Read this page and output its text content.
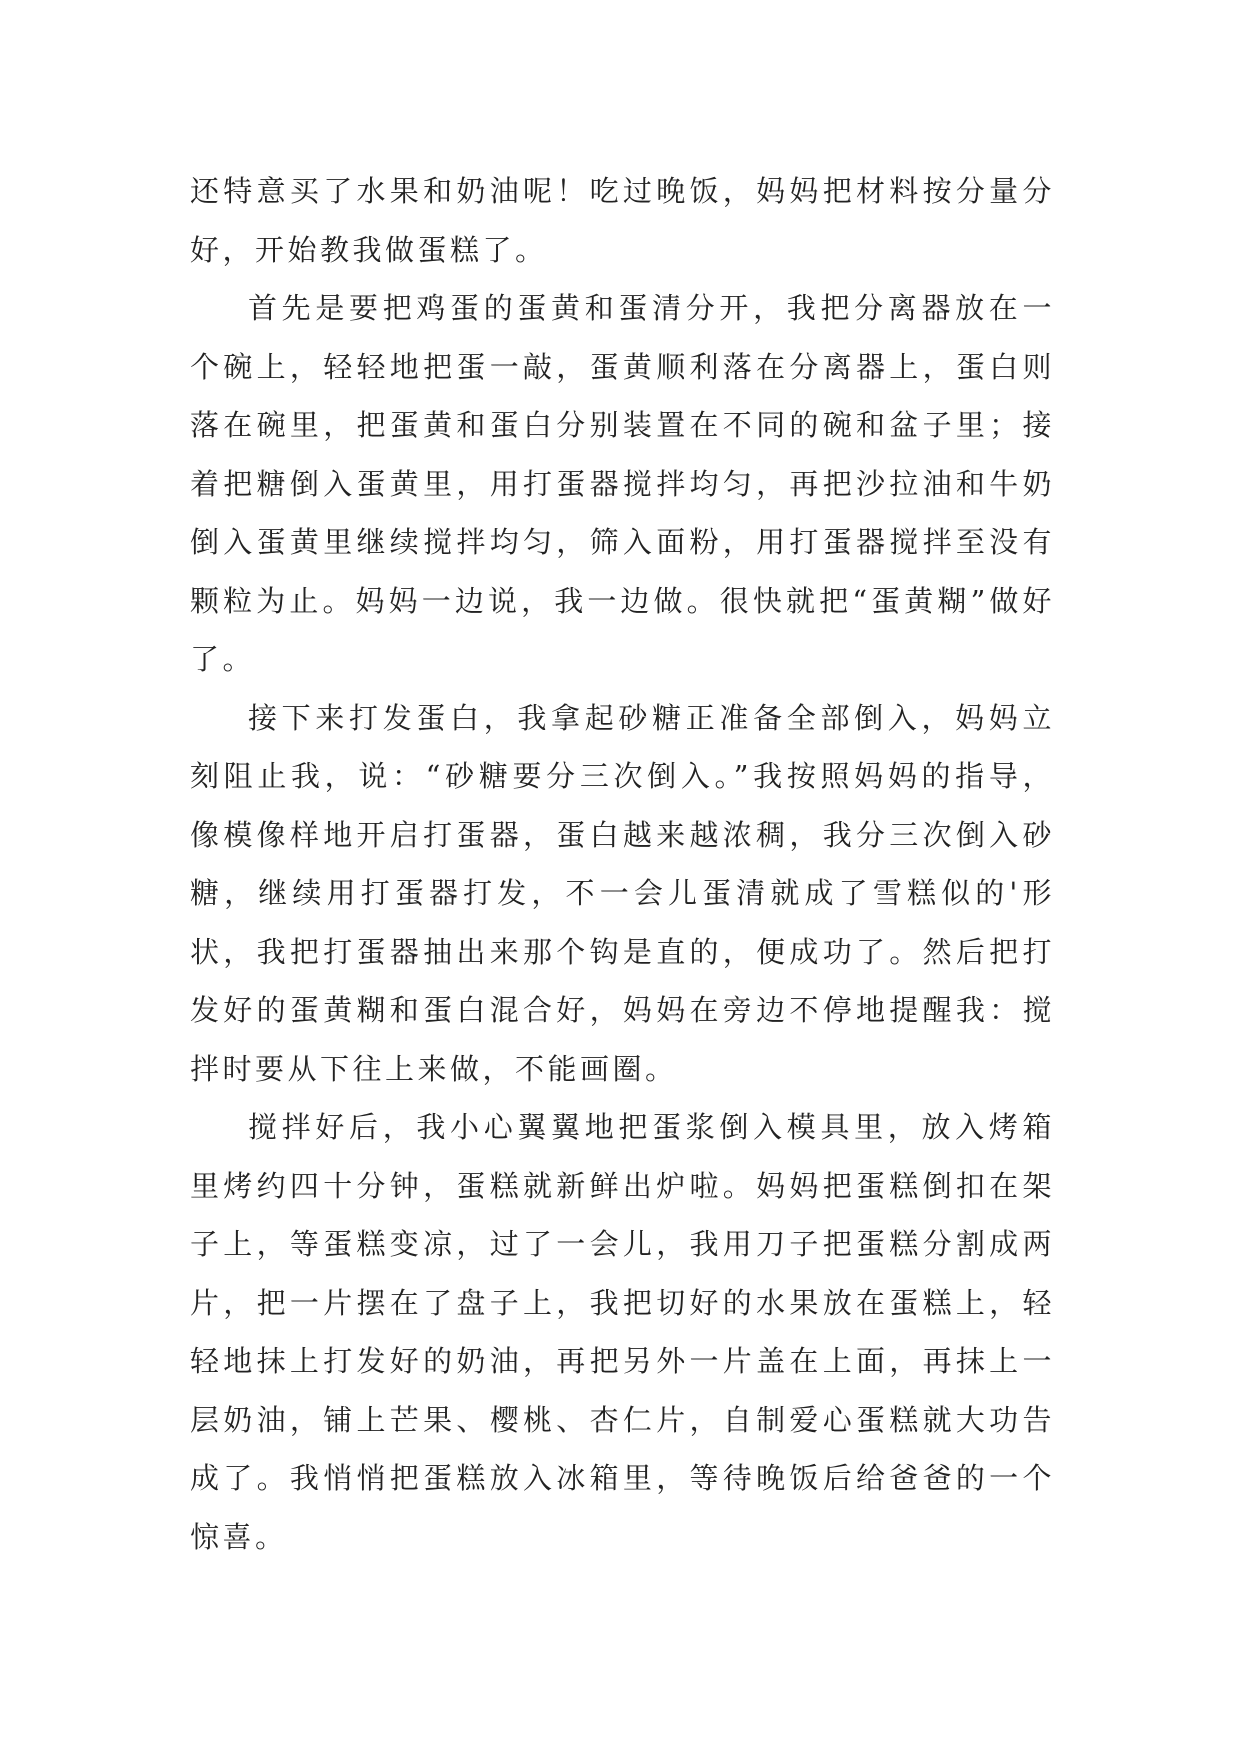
还特意买了水果和奶油呢！吃过晚饭，妈妈把材料按分量分好，开始教我做蛋糕了。

首先是要把鸡蛋的蛋黄和蛋清分开，我把分离器放在一个碗上，轻轻地把蛋一敲，蛋黄顺利落在分离器上，蛋白则落在碗里，把蛋黄和蛋白分别装置在不同的碗和盆子里；接着把糖倒入蛋黄里，用打蛋器搅拌均匀，再把沙拉油和牛奶倒入蛋黄里继续搅拌均匀，筛入面粉，用打蛋器搅拌至没有颗粒为止。妈妈一边说，我一边做。很快就把“蛋黄糊”做好了。

接下来打发蛋白，我拿起砂糖正准备全部倒入，妈妈立刻阻止我，说：“砂糖要分三次倒入。”我按照妈妈的指导，像模像样地开启打蛋器，蛋白越来越浓稠，我分三次倒入砂糖，继续用打蛋器打发，不一会儿蛋清就成了雪糕似的'形状，我把打蛋器抽出来那个钩是直的，便成功了。然后把打发好的蛋黄糊和蛋白混合好，妈妈在旁边不停地提醒我：搅拌时要从下往上来做，不能画圈。

搅拌好后，我小心翼翼地把蛋浆倒入模具里，放入烤箱里烤约四十分钟，蛋糕就新鲜出炉啦。妈妈把蛋糕倒扣在架子上，等蛋糕变凉，过了一会儿，我用刀子把蛋糕分割成两片，把一片摆在了盘子上，我把切好的水果放在蛋糕上，轻轻地抹上打发好的奶油，再把另外一片盖在上面，再抹上一层奶油，铺上芒果、樱桃、杏仁片，自制爱心蛋糕就大功告成了。我悄悄把蛋糕放入冰箱里，等待晚饭后给爸爸的一个惊喜。
